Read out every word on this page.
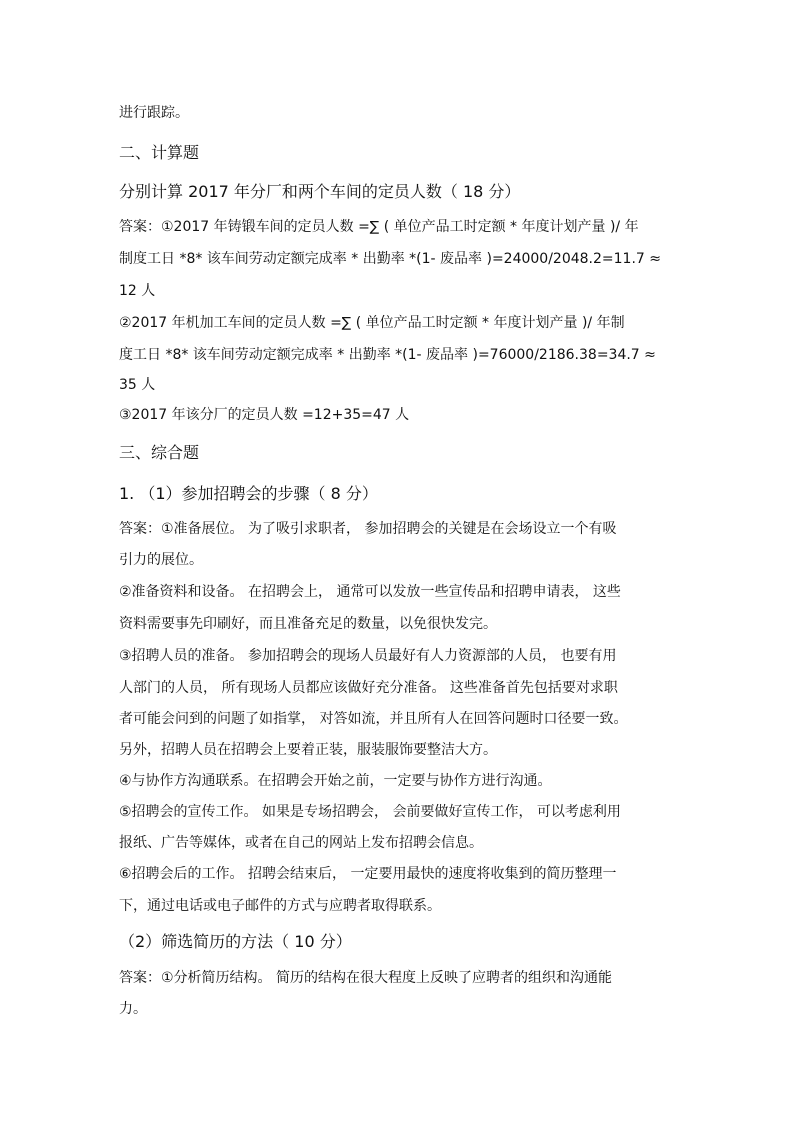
进行跟踪。
二、计算题
分别计算 2017 年分厂和两个车间的定员人数（ 18 分）
答案：①2017 年铸锻车间的定员人数 =∑ ( 单位产品工时定额 * 年度计划产量 )/ 年
制度工日 *8* 该车间劳动定额完成率 * 出勤率 *(1- 废品率 )=24000/2048.2=11.7 ≈
12 人
②2017 年机加工车间的定员人数 =∑ ( 单位产品工时定额 * 年度计划产量 )/ 年制
度工日 *8* 该车间劳动定额完成率 * 出勤率 *(1- 废品率 )=76000/2186.38=34.7 ≈
35 人
③2017 年该分厂的定员人数 =12+35=47 人
三、综合题
1. （1）参加招聘会的步骤（ 8 分）
答案：①准备展位。 为了吸引求职者， 参加招聘会的关键是在会场设立一个有吸
引力的展位。
②准备资料和设备。 在招聘会上， 通常可以发放一些宣传品和招聘申请表， 这些
资料需要事先印刷好，而且准备充足的数量，以免很快发完。
③招聘人员的准备。 参加招聘会的现场人员最好有人力资源部的人员， 也要有用
人部门的人员， 所有现场人员都应该做好充分准备。 这些准备首先包括要对求职
者可能会问到的问题了如指掌， 对答如流，并且所有人在回答问题时口径要一致。
另外，招聘人员在招聘会上要着正装，服装服饰要整洁大方。
④与协作方沟通联系。在招聘会开始之前，一定要与协作方进行沟通。
⑤招聘会的宣传工作。 如果是专场招聘会， 会前要做好宣传工作， 可以考虑利用
报纸、广告等媒体，或者在自己的网站上发布招聘会信息。
⑥招聘会后的工作。 招聘会结束后， 一定要用最快的速度将收集到的简历整理一
下，通过电话或电子邮件的方式与应聘者取得联系。
（2）筛选简历的方法（ 10 分）
答案：①分析简历结构。 简历的结构在很大程度上反映了应聘者的组织和沟通能
力。
